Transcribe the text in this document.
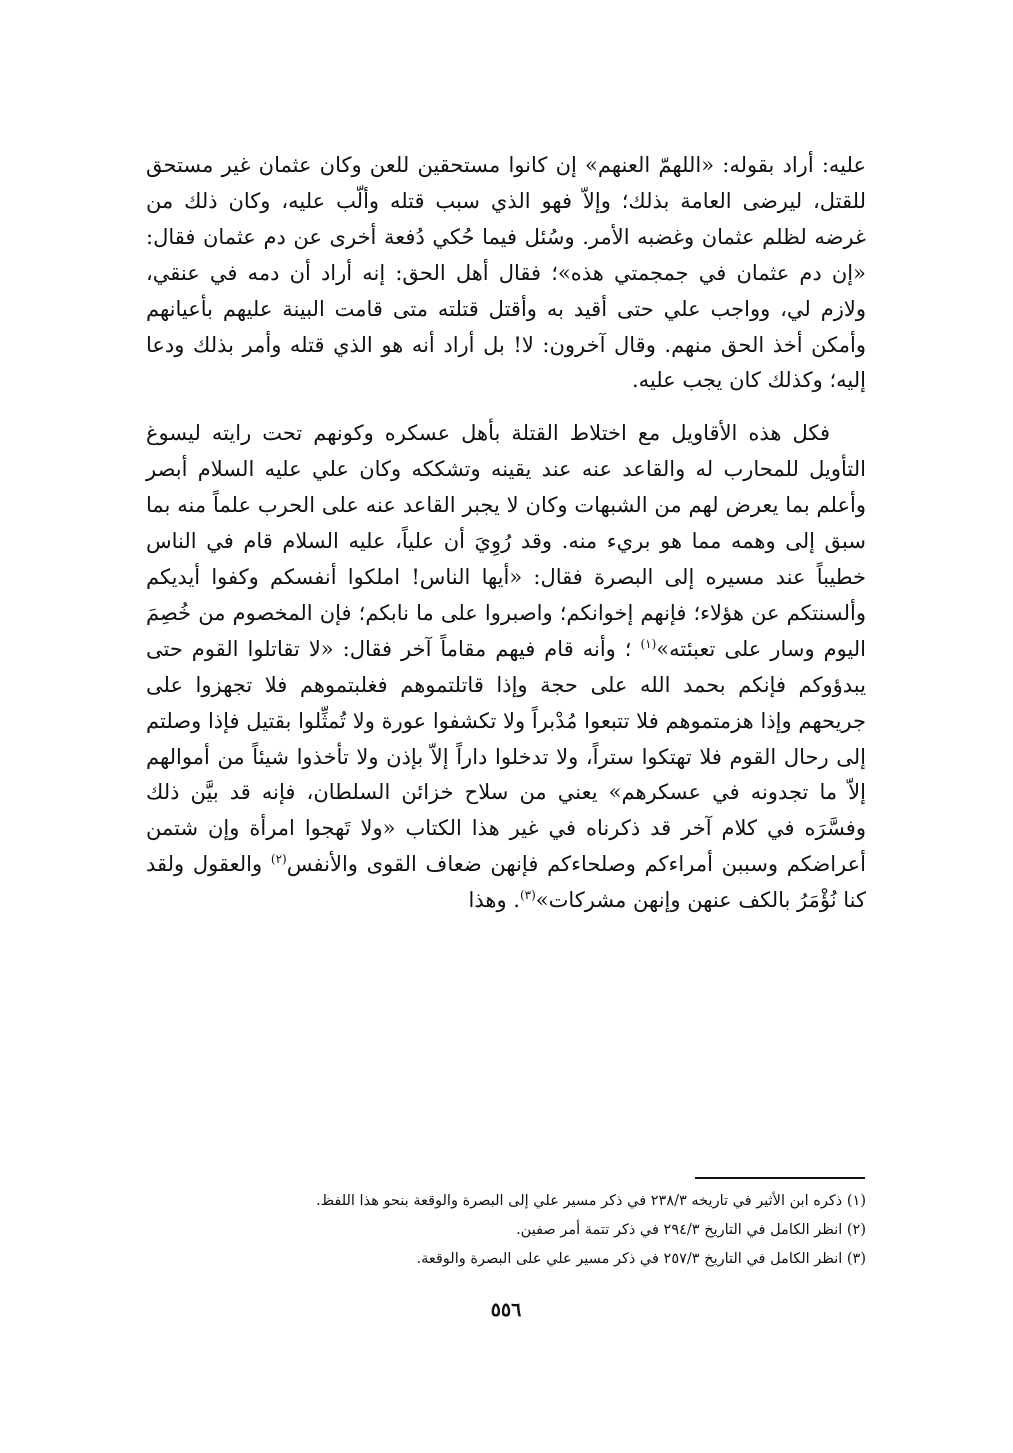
عليه: أراد بقوله: «اللهمّ العنهم» إن كانوا مستحقين للعن وكان عثمان غير مستحق للقتل، ليرضى العامة بذلك؛ وإلاّ فهو الذي سبب قتله وألّب عليه، وكان ذلك من غرضه لظلم عثمان وغضبه الأمر. وسُئل فيما حُكي دُفعة أخرى عن دم عثمان فقال: «إن دم عثمان في جمجمتي هذه»؛ فقال أهل الحق: إنه أراد أن دمه في عنقي، ولازم لي، وواجب علي حتى أقيد به وأقتل قتلته متى قامت البينة عليهم بأعيانهم وأمكن أخذ الحق منهم. وقال آخرون: لا! بل أراد أنه هو الذي قتله وأمر بذلك ودعا إليه؛ وكذلك كان يجب عليه.

فكل هذه الأقاويل مع اختلاط القتلة بأهل عسكره وكونهم تحت رايته ليسوغ التأويل للمحارب له والقاعد عنه عند يقينه وتشككه وكان علي عليه السلام أبصر وأعلم بما يعرض لهم من الشبهات وكان لا يجبر القاعد عنه على الحرب علماً منه بما سبق إلى وهمه مما هو بريء منه. وقد رُوِيَ أن علياً، عليه السلام قام في الناس خطيباً عند مسيره إلى البصرة فقال: «أيها الناس! املكوا أنفسكم وكفوا أيديكم وألسنتكم عن هؤلاء؛ فإنهم إخوانكم؛ واصبروا على ما نابكم؛ فإن المخصوم من خُصِمَ اليوم وسار على تعبئته»$^{(١)}$ ؛ وأنه قام فيهم مقاماً آخر فقال: «لا تقاتلوا القوم حتى يبدؤوكم فإنكم بحمد الله على حجة وإذا قاتلتموهم فغلبتموهم فلا تجهزوا على جريحهم وإذا هزمتموهم فلا تتبعوا مُدْبراً ولا تكشفوا عورة ولا تُمثِّلوا بقتيل فإذا وصلتم إلى رحال القوم فلا تهتكوا ستراً، ولا تدخلوا داراً إلاّ بإذن ولا تأخذوا شيئاً من أموالهم إلاّ ما تجدونه في عسكرهم» يعني من سلاح خزائن السلطان، فإنه قد بيَّن ذلك وفسَّرَه في كلام آخر قد ذكرناه في غير هذا الكتاب «ولا تَهجوا امرأة وإن شتمن أعراضكم وسببن أمراءكم وصلحاءكم فإنهن ضعاف القوى والأنفس$^{(٢)}$ والعقول ولقد كنا نُؤْمَرُ بالكف عنهن وإنهن مشركات»$^{(٣)}$. وهذا

(١) ذكره ابن الأثير في تاريخه ٢٣٨/٣ في ذكر مسير علي إلى البصرة والوقعة بنحو هذا اللفظ.
(٢) انظر الكامل في التاريخ ٢٩٤/٣ في ذكر تتمة أمر صفين.
(٣) انظر الكامل في التاريخ ٢٥٧/٣ في ذكر مسير علي على البصرة والوقعة.
٥٥٦
